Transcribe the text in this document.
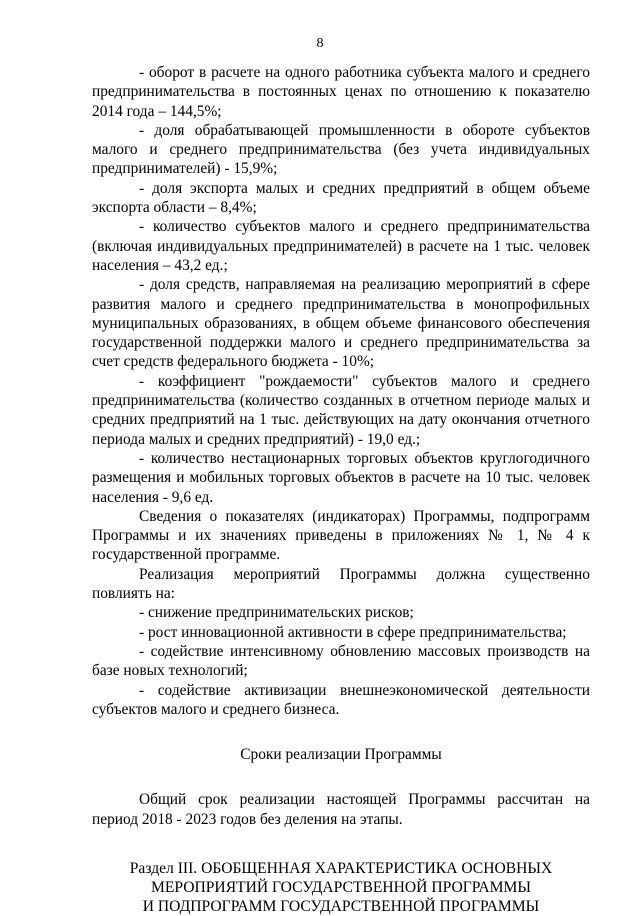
8

- оборот в расчете на одного работника субъекта малого и среднего предпринимательства в постоянных ценах по отношению к показателю 2014 года – 144,5%;

- доля обрабатывающей промышленности в обороте субъектов малого и среднего предпринимательства (без учета индивидуальных предпринимателей) - 15,9%;

- доля экспорта малых и средних предприятий в общем объеме экспорта области – 8,4%;

- количество субъектов малого и среднего предпринимательства (включая индивидуальных предпринимателей) в расчете на 1 тыс. человек населения – 43,2 ед.;

- доля средств, направляемая на реализацию мероприятий в сфере развития малого и среднего предпринимательства в монопрофильных муниципальных образованиях, в общем объеме финансового обеспечения государственной поддержки малого и среднего предпринимательства за счет средств федерального бюджета - 10%;

- коэффициент "рождаемости" субъектов малого и среднего предпринимательства (количество созданных в отчетном периоде малых и средних предприятий на 1 тыс. действующих на дату окончания отчетного периода малых и средних предприятий) - 19,0 ед.;

- количество нестационарных торговых объектов круглогодичного размещения и мобильных торговых объектов в расчете на 10 тыс. человек населения - 9,6 ед.

Сведения о показателях (индикаторах) Программы, подпрограмм Программы и их значениях приведены в приложениях № 1, № 4 к государственной программе.

Реализация мероприятий Программы должна существенно повлиять на:

- снижение предпринимательских рисков;

- рост инновационной активности в сфере предпринимательства;

- содействие интенсивному обновлению массовых производств на базе новых технологий;

- содействие активизации внешнеэкономической деятельности субъектов малого и среднего бизнеса.

Сроки реализации Программы

Общий срок реализации настоящей Программы рассчитан на период 2018 - 2023 годов без деления на этапы.

Раздел III. ОБОБЩЕННАЯ ХАРАКТЕРИСТИКА ОСНОВНЫХ
МЕРОПРИЯТИЙ ГОСУДАРСТВЕННОЙ ПРОГРАММЫ
И ПОДПРОГРАММ ГОСУДАРСТВЕННОЙ ПРОГРАММЫ
